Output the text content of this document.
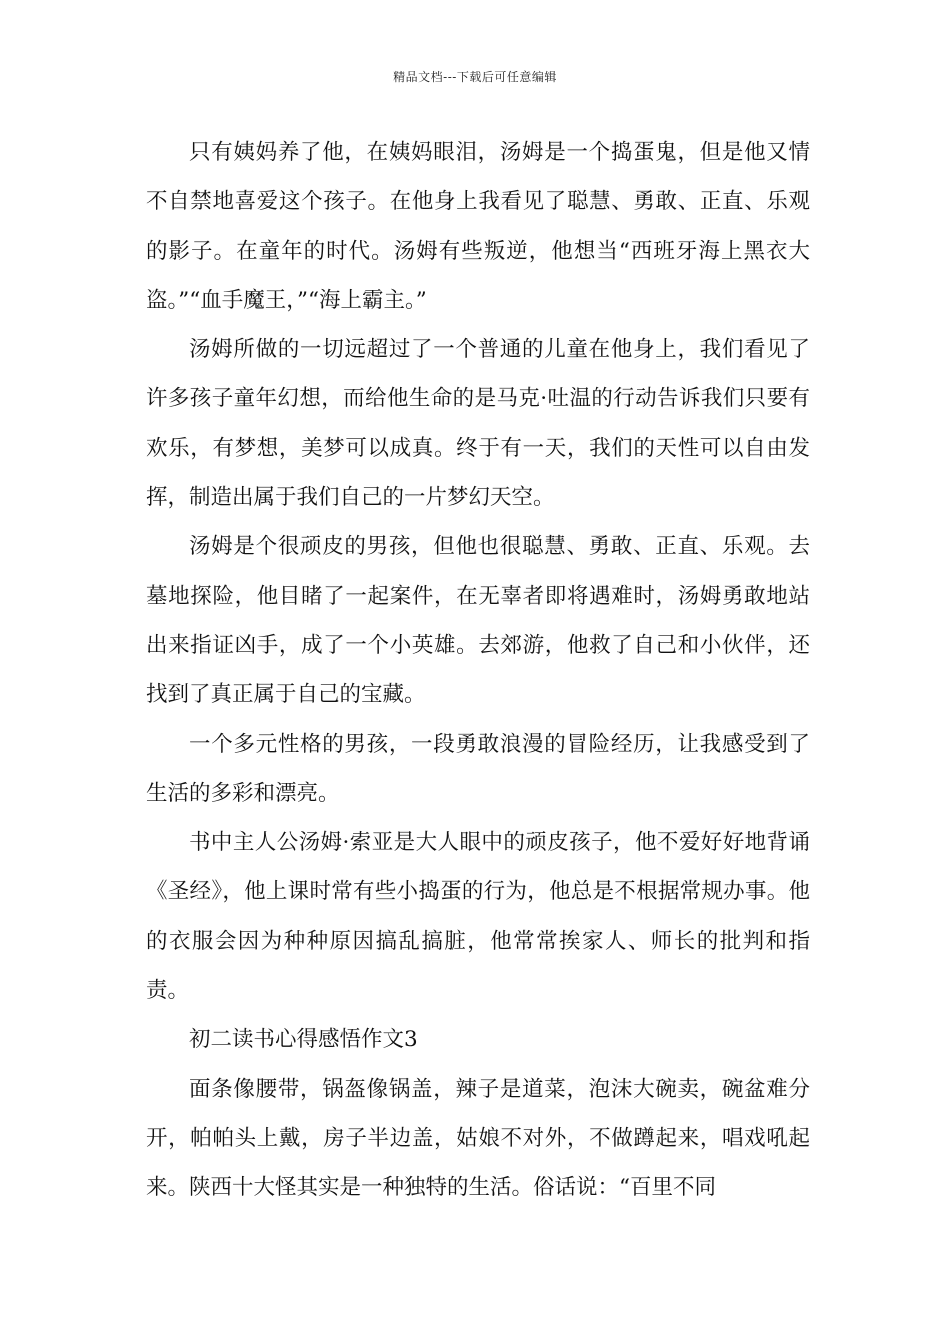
精品文档---下载后可任意编辑

只有姨妈养了他，在姨妈眼泪，汤姆是一个捣蛋鬼，但是他又情不自禁地喜爱这个孩子。在他身上我看见了聪慧、勇敢、正直、乐观的影子。在童年的时代。汤姆有些叛逆，他想当“西班牙海上黑衣大盗。”“血手魔王，”“海上霸主。”

汤姆所做的一切远超过了一个普通的儿童在他身上，我们看见了许多孩子童年幻想，而给他生命的是马克·吐温的行动告诉我们只要有欢乐，有梦想，美梦可以成真。终于有一天，我们的天性可以自由发挥，制造出属于我们自己的一片梦幻天空。

汤姆是个很顽皮的男孩，但他也很聪慧、勇敢、正直、乐观。去墓地探险，他目睹了一起案件，在无辜者即将遇难时，汤姆勇敢地站出来指证凶手，成了一个小英雄。去郊游，他救了自己和小伙伴，还找到了真正属于自己的宝藏。

一个多元性格的男孩，一段勇敢浪漫的冒险经历，让我感受到了生活的多彩和漂亮。

书中主人公汤姆·索亚是大人眼中的顽皮孩子，他不爱好好地背诵《圣经》，他上课时常有些小捣蛋的行为，他总是不根据常规办事。他的衣服会因为种种原因搞乱搞脏，他常常挨家人、师长的批判和指责。

初二读书心得感悟作文3

面条像腰带，锅盔像锅盖，辣子是道菜，泡沫大碗卖，碗盆难分开，帕帕头上戴，房子半边盖，姑娘不对外，不做蹲起来，唱戏吼起来。陕西十大怪其实是一种独特的生活。俗话说：“百里不同
